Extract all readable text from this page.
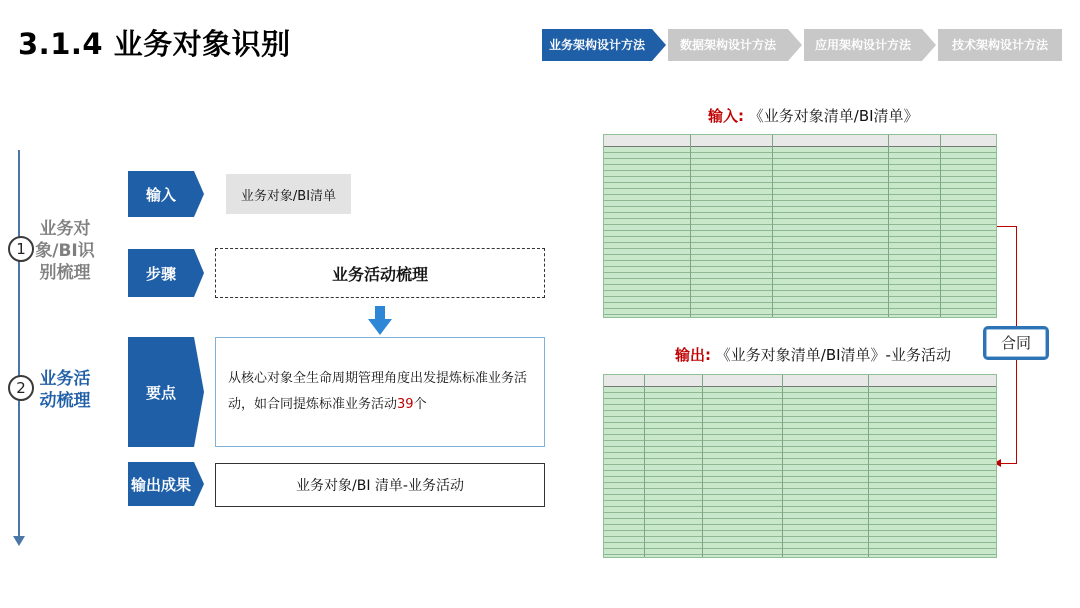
3.1.4 业务对象识别	业务架构设计方法	数据架构设计方法	应用架构设计方法	技术架构设计方法
1
业务对
象/BI识
别梳理
2 业务活
动梳理
输入	业务对象/BI清单
步骤	业务活动梳理
要点
从核心对象全生命周期管理角度出发提炼标准业务活动，如合同提炼标准业务活动39个
输出成果	业务对象/BI 清单-业务活动
输入: 《业务对象清单/BI清单》
合同
输出: 《业务对象清单/BI清单》-业务活动
